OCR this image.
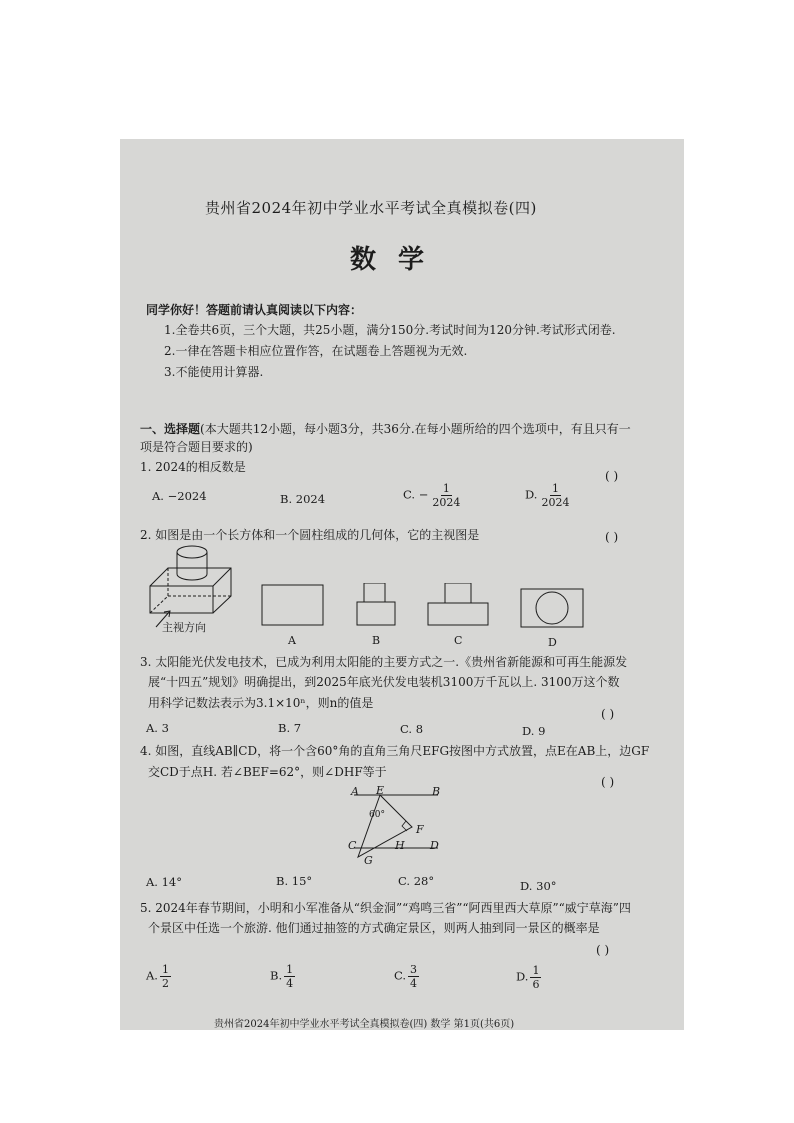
贵州省2024年初中学业水平考试全真模拟卷(四)
数学
同学你好！答题前请认真阅读以下内容：
1.全卷共6页，三个大题，共25小题，满分150分.考试时间为120分钟.考试形式闭卷.
2.一律在答题卡相应位置作答，在试题卷上答题视为无效.
3.不能使用计算器.
一、选择题(本大题共12小题，每小题3分，共36分.在每小题所给的四个选项中，有且只有一
项是符合题目要求的)
1. 2024的相反数是
( )
A. −2024	B. 2024	C. − $\frac{1}{2024}$	D. $\frac{1}{2024}$
2. 如图是由一个长方体和一个圆柱组成的几何体，它的主视图是	( )
主视方向
A	B	C	D
3. 太阳能光伏发电技术，已成为利用太阳能的主要方式之一.《贵州省新能源和可再生能源发
展“十四五”规划》明确提出，到2025年底光伏发电装机3100万千瓦以上. 3100万这个数
用科学记数法表示为3.1×10ⁿ，则n的值是
( )
A. 3	B. 7	C. 8	D. 9
4. 如图，直线AB∥CD，将一个含60°角的直角三角尺EFG按图中方式放置，点E在AB上，边GF
交CD于点H. 若∠BEF=62°，则∠DHF等于
( )
A E	B
60°
F
C	H D
G
A. 14°	B. 15°	C. 28°	D. 30°
5. 2024年春节期间，小明和小军准备从“织金洞”“鸡鸣三省”“阿西里西大草原”“威宁草海”四
个景区中任选一个旅游. 他们通过抽签的方式确定景区，则两人抽到同一景区的概率是
( )
A. $\frac{1}{2}$	B. $\frac{1}{4}$	C. $\frac{3}{4}$	D. $\frac{1}{6}$
贵州省2024年初中学业水平考试全真模拟卷(四) 数学 第1页(共6页)
